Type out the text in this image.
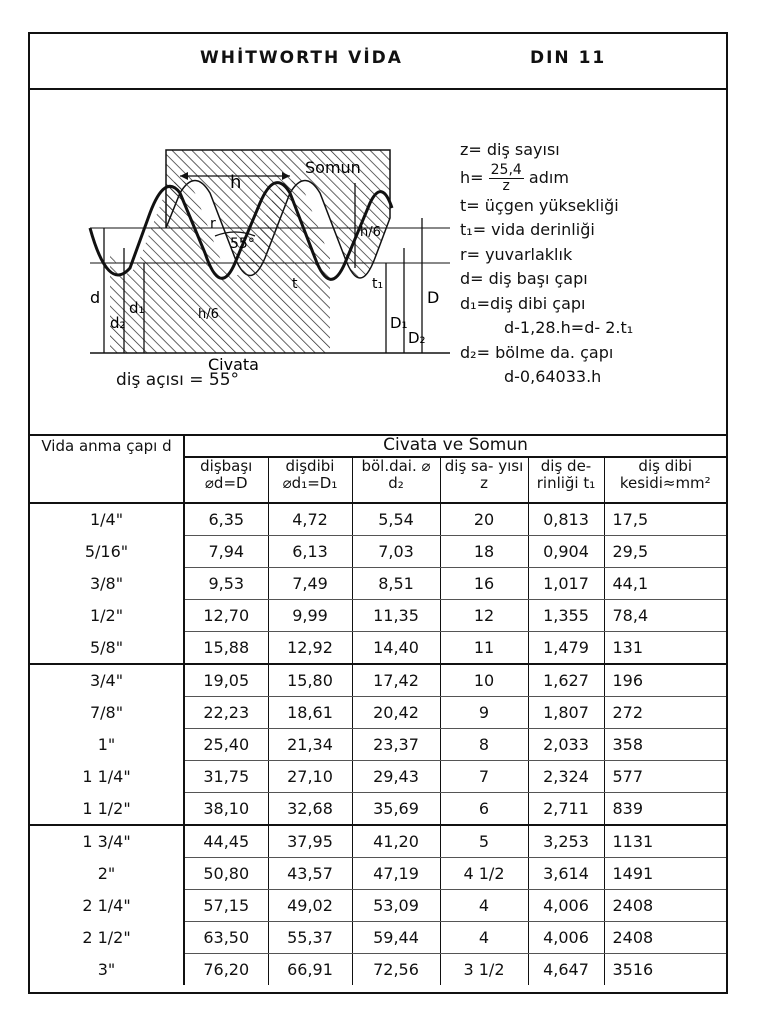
WHİTWORTH VİDA	DIN 11
Somun
Civata
h
h/6
h/6
55°
r
t	t₁
d
d₁
d₂
D
D₁
D₂
z= diş sayısı
$h= \frac{25,4}{z}$ adım
t= üçgen yüksekliği
t₁= vida derinliği
r= yuvarlaklık
d= diş başı çapı
d₁=diş dibi çapı
d-1,28.h=d- 2.t₁
d₂= bölme da. çapı
d-0,64033.h
diş açısı = 55°
Vida anma çapı d	Civata ve Somun					
	dişbaşı ⌀d=D	dişdibi ⌀d₁=D₁	böl.dai. ⌀ d₂	diş sa- yısı z	diş de- rinliği t₁	diş dibi kesidi≈mm²
1/4"	6,35	4,72	5,54	20	0,813	17,5
5/16"	7,94	6,13	7,03	18	0,904	29,5
3/8"	9,53	7,49	8,51	16	1,017	44,1
1/2"	12,70	9,99	11,35	12	1,355	78,4
5/8"	15,88	12,92	14,40	11	1,479	131
3/4"	19,05	15,80	17,42	10	1,627	196
7/8"	22,23	18,61	20,42	9	1,807	272
1"	25,40	21,34	23,37	8	2,033	358
1 1/4"	31,75	27,10	29,43	7	2,324	577
1 1/2"	38,10	32,68	35,69	6	2,711	839
1 3/4"	44,45	37,95	41,20	5	3,253	1131
2"	50,80	43,57	47,19	4 1/2	3,614	1491
2 1/4"	57,15	49,02	53,09	4	4,006	2408
2 1/2"	63,50	55,37	59,44	4	4,006	2408
3"	76,20	66,91	72,56	3 1/2	4,647	3516
